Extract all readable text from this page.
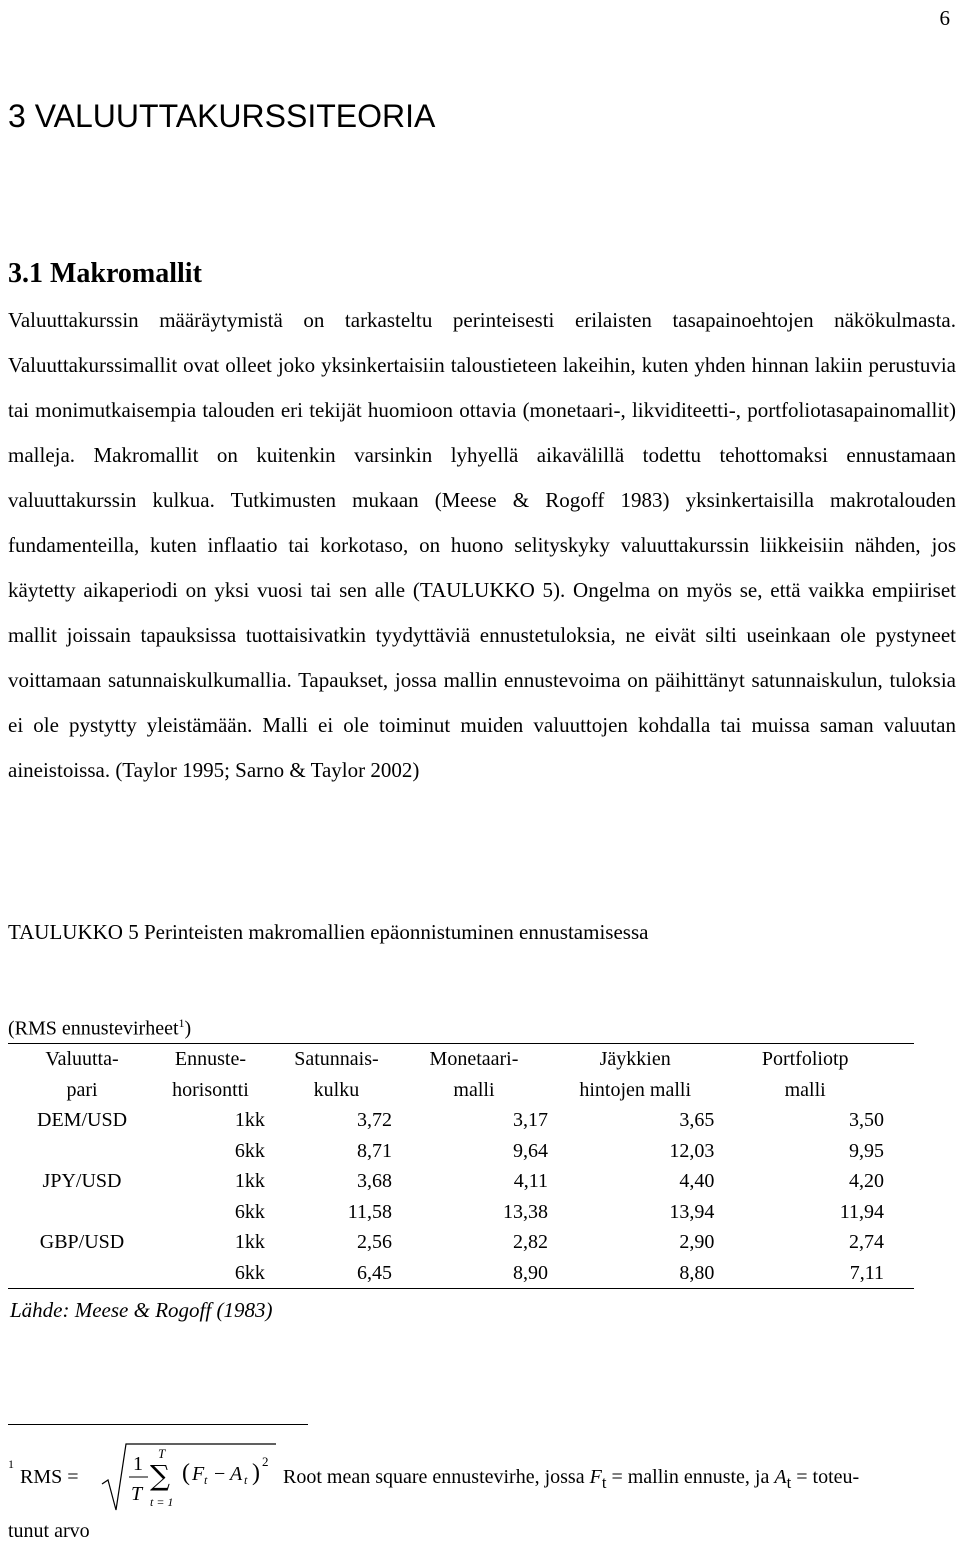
6
3 VALUUTTAKURSSITEORIA
3.1 Makromallit

Valuuttakurssin määräytymistä on tarkasteltu perinteisesti erilaisten tasapainoehtojen näkökulmasta. Valuuttakurssimallit ovat olleet joko yksinkertaisiin taloustieteen lakeihin, kuten yhden hinnan lakiin perustuvia tai monimutkaisempia talouden eri tekijät huomioon ottavia (monetaari-, likviditeetti-, portfoliotasapainomallit) malleja. Makromallit on kuitenkin varsinkin lyhyellä aikavälillä todettu tehottomaksi ennustamaan valuuttakurssin kulkua. Tutkimusten mukaan (Meese & Rogoff 1983) yksinkertaisilla makrotalouden fundamenteilla, kuten inflaatio tai korkotaso, on huono selityskyky valuuttakurssin liikkeisiin nähden, jos käytetty aikaperiodi on yksi vuosi tai sen alle (TAULUKKO 5). Ongelma on myös se, että vaikka empiiriset mallit joissain tapauksissa tuottaisivatkin tyydyttäviä ennustetuloksia, ne eivät silti useinkaan ole pystyneet voittamaan satunnaiskulkumallia. Tapaukset, jossa mallin ennustevoima on päihittänyt satunnaiskulun, tuloksia ei ole pystytty yleistämään. Malli ei ole toiminut muiden valuuttojen kohdalla tai muissa saman valuutan aineistoissa. (Taylor 1995; Sarno & Taylor 2002)

TAULUKKO 5 Perinteisten makromallien epäonnistuminen ennustamisessa

(RMS ennustevirheet$^1$)

Valuutta-	Ennuste-	Satunnais-	Monetaari-	Jäykkien	Portfoliotp
pari	horisontti	kulku	malli	hintojen malli	malli
DEM/USD	1kk	3,72	3,17	3,65	3,50
	6kk	8,71	9,64	12,03	9,95
JPY/USD	1kk	3,68	4,11	4,40	4,20
	6kk	11,58	13,38	13,94	11,94
GBP/USD	1kk	2,56	2,82	2,90	2,74
	6kk	6,45	8,90	8,80	7,11

Lähde: Meese & Rogoff (1983)

1
RMS =
1
T
T
∑
t = 1
( F t − A t ) 2
Root mean square ennustevirhe, jossa $F_t$ = mallin ennuste, ja $A_t$ = toteu-
tunut arvo
